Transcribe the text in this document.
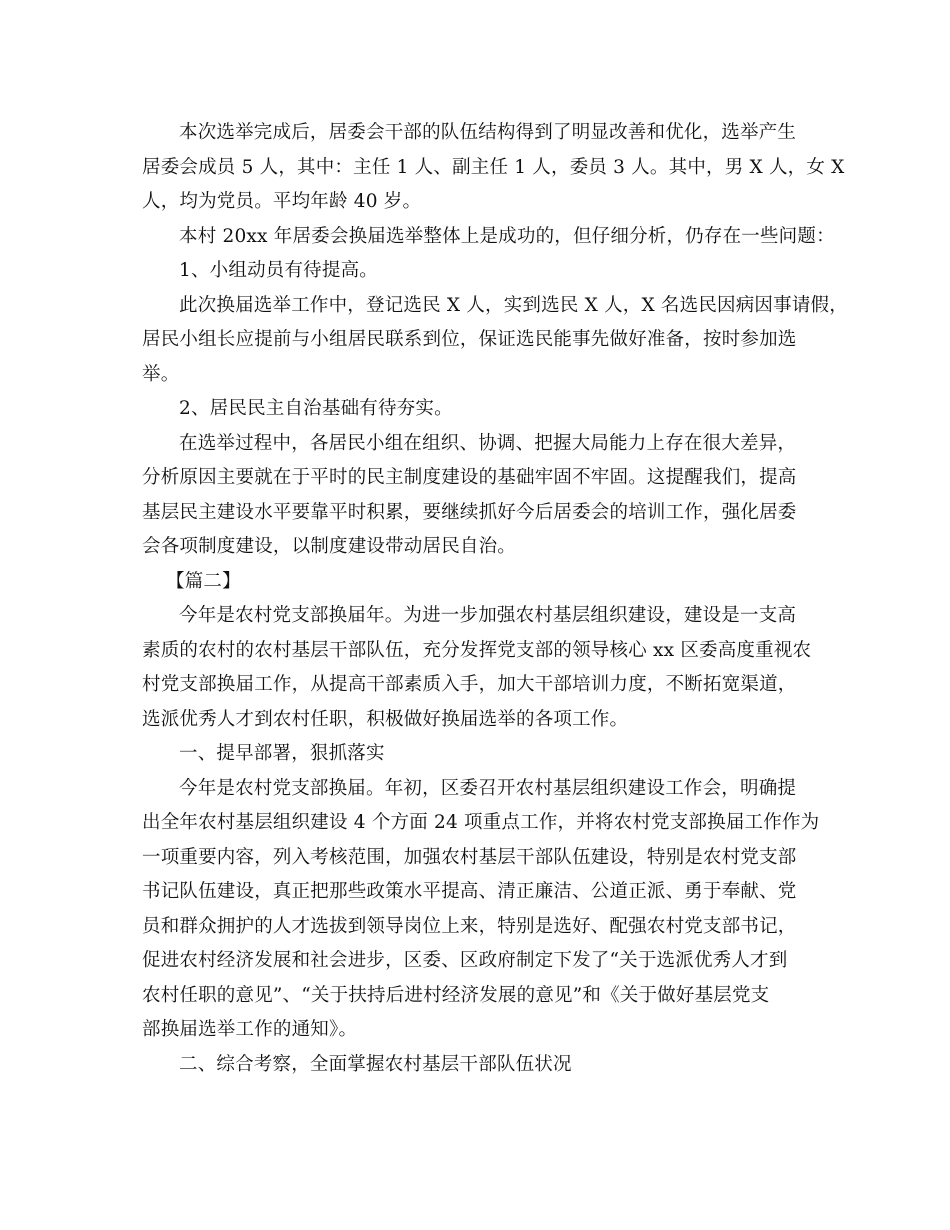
本次选举完成后，居委会干部的队伍结构得到了明显改善和优化，选举产生
居委会成员 5 人，其中：主任 1 人、副主任 1 人，委员 3 人。其中，男 X 人，女 X
人，均为党员。平均年龄 40 岁。
本村 20xx 年居委会换届选举整体上是成功的，但仔细分析，仍存在一些问题：
1、小组动员有待提高。
此次换届选举工作中，登记选民 X 人，实到选民 X 人，X 名选民因病因事请假，
居民小组长应提前与小组居民联系到位，保证选民能事先做好准备，按时参加选
举。
2、居民民主自治基础有待夯实。
在选举过程中，各居民小组在组织、协调、把握大局能力上存在很大差异，
分析原因主要就在于平时的民主制度建设的基础牢固不牢固。这提醒我们，提高
基层民主建设水平要靠平时积累，要继续抓好今后居委会的培训工作，强化居委
会各项制度建设，以制度建设带动居民自治。
【篇二】
今年是农村党支部换届年。为进一步加强农村基层组织建设，建设是一支高
素质的农村的农村基层干部队伍，充分发挥党支部的领导核心 xx 区委高度重视农
村党支部换届工作，从提高干部素质入手，加大干部培训力度，不断拓宽渠道，
选派优秀人才到农村任职，积极做好换届选举的各项工作。
一、提早部署，狠抓落实
今年是农村党支部换届。年初，区委召开农村基层组织建设工作会，明确提
出全年农村基层组织建设 4 个方面 24 项重点工作，并将农村党支部换届工作作为
一项重要内容，列入考核范围，加强农村基层干部队伍建设，特别是农村党支部
书记队伍建设，真正把那些政策水平提高、清正廉洁、公道正派、勇于奉献、党
员和群众拥护的人才选拔到领导岗位上来，特别是选好、配强农村党支部书记，
促进农村经济发展和社会进步，区委、区政府制定下发了“关于选派优秀人才到
农村任职的意见”、“关于扶持后进村经济发展的意见”和《关于做好基层党支
部换届选举工作的通知》。
二、综合考察，全面掌握农村基层干部队伍状况
